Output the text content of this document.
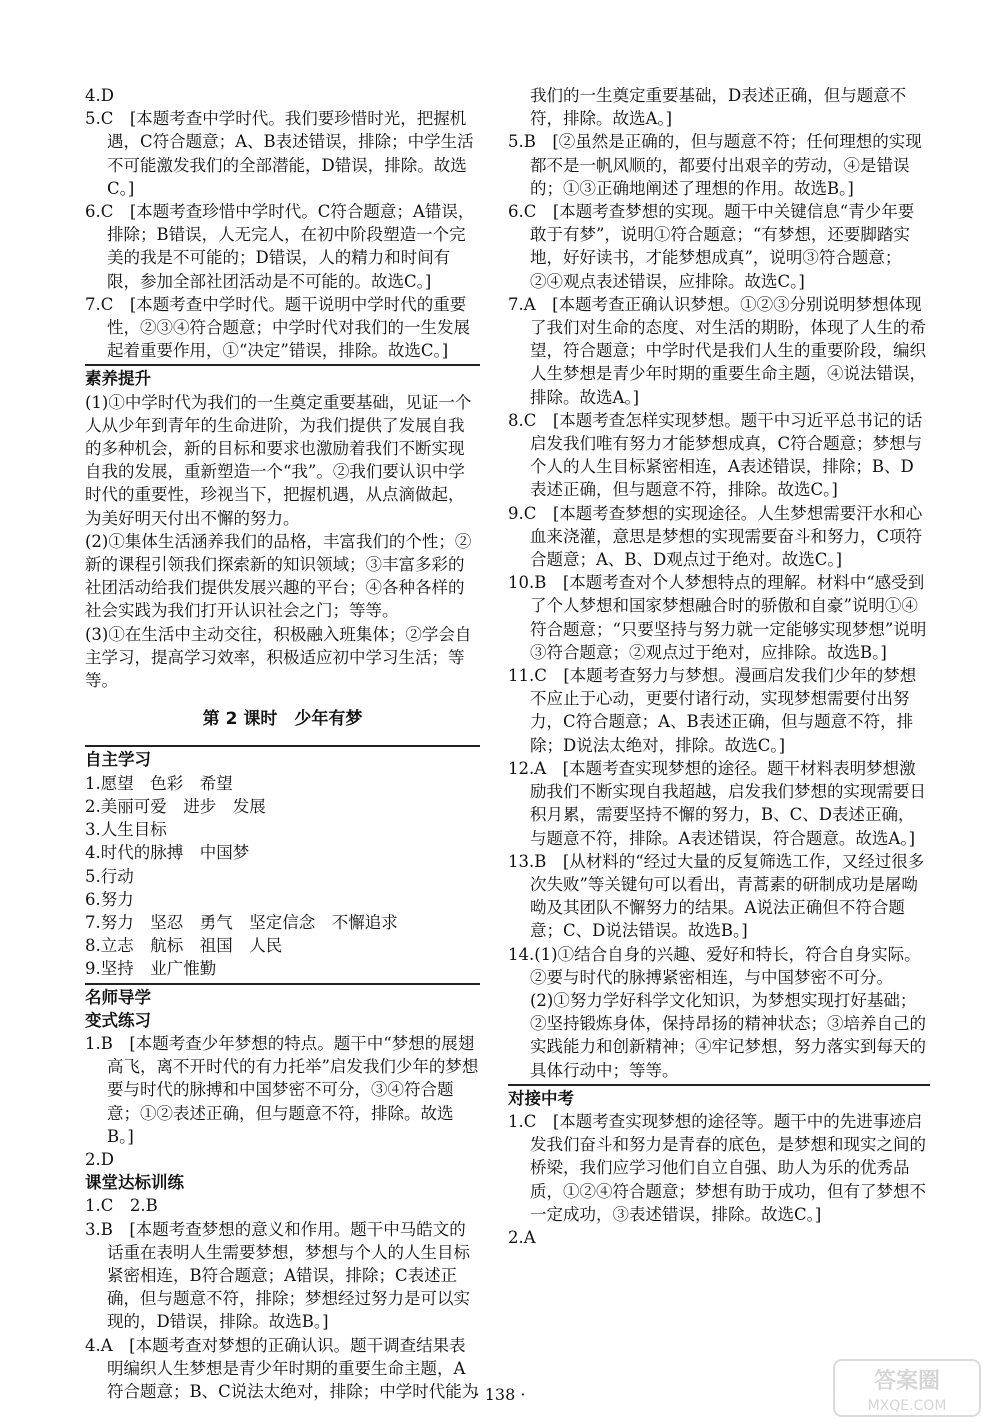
4.D
5.C　[本题考查中学时代。我们要珍惜时光，把握机遇，C符合题意；A、B表述错误，排除；中学生活不可能激发我们的全部潜能，D错误，排除。故选C。]
6.C　[本题考查珍惜中学时代。C符合题意；A错误，排除；B错误，人无完人，在初中阶段塑造一个完美的我是不可能的；D错误，人的精力和时间有限，参加全部社团活动是不可能的。故选C。]
7.C　[本题考查中学时代。题干说明中学时代的重要性，②③④符合题意；中学时代对我们的一生发展起着重要作用，①“决定”错误，排除。故选C。]
素养提升
(1)①中学时代为我们的一生奠定重要基础，见证一个人从少年到青年的生命进阶，为我们提供了发展自我的多种机会，新的目标和要求也激励着我们不断实现自我的发展，重新塑造一个“我”。②我们要认识中学时代的重要性，珍视当下，把握机遇，从点滴做起，为美好明天付出不懈的努力。
(2)①集体生活涵养我们的品格，丰富我们的个性；②新的课程引领我们探索新的知识领域；③丰富多彩的社团活动给我们提供发展兴趣的平台；④各种各样的社会实践为我们打开认识社会之门；等等。
(3)①在生活中主动交往，积极融入班集体；②学会自主学习，提高学习效率，积极适应初中学习生活；等等。
第 2 课时　少年有梦
自主学习
1.愿望　色彩　希望
2.美丽可爱　进步　发展
3.人生目标
4.时代的脉搏　中国梦
5.行动
6.努力
7.努力　坚忍　勇气　坚定信念　不懈追求
8.立志　航标　祖国　人民
9.坚持　业广惟勤
名师导学
变式练习
1.B　[本题考查少年梦想的特点。题干中“梦想的展翅高飞，离不开时代的有力托举”启发我们少年的梦想要与时代的脉搏和中国梦密不可分，③④符合题意；①②表述正确，但与题意不符，排除。故选B。]
2.D
课堂达标训练
1.C　2.B
3.B　[本题考查梦想的意义和作用。题干中马皓文的话重在表明人生需要梦想，梦想与个人的人生目标紧密相连，B符合题意；A错误，排除；C表述正确，但与题意不符，排除；梦想经过努力是可以实现的，D错误，排除。故选B。]
4.A　[本题考查对梦想的正确认识。题干调查结果表明编织人生梦想是青少年时期的重要生命主题，A符合题意；B、C说法太绝对，排除；中学时代能为
我们的一生奠定重要基础，D表述正确，但与题意不符，排除。故选A。]
5.B　[②虽然是正确的，但与题意不符；任何理想的实现都不是一帆风顺的，都要付出艰辛的劳动，④是错误的；①③正确地阐述了理想的作用。故选B。]
6.C　[本题考查梦想的实现。题干中关键信息“青少年要敢于有梦”，说明①符合题意；“有梦想，还要脚踏实地，好好读书，才能梦想成真”，说明③符合题意；②④观点表述错误，应排除。故选C。]
7.A　[本题考查正确认识梦想。①②③分别说明梦想体现了我们对生命的态度、对生活的期盼，体现了人生的希望，符合题意；中学时代是我们人生的重要阶段，编织人生梦想是青少年时期的重要生命主题，④说法错误，排除。故选A。]
8.C　[本题考查怎样实现梦想。题干中习近平总书记的话启发我们唯有努力才能梦想成真，C符合题意；梦想与个人的人生目标紧密相连，A表述错误，排除；B、D表述正确，但与题意不符，排除。故选C。]
9.C　[本题考查梦想的实现途径。人生梦想需要汗水和心血来浇灌，意思是梦想的实现需要奋斗和努力，C项符合题意；A、B、D观点过于绝对。故选C。]
10.B　[本题考查对个人梦想特点的理解。材料中“感受到了个人梦想和国家梦想融合时的骄傲和自豪”说明①④符合题意；“只要坚持与努力就一定能够实现梦想”说明③符合题意；②观点过于绝对，应排除。故选B。]
11.C　[本题考查努力与梦想。漫画启发我们少年的梦想不应止于心动，更要付诸行动，实现梦想需要付出努力，C符合题意；A、B表述正确，但与题意不符，排除；D说法太绝对，排除。故选C。]
12.A　[本题考查实现梦想的途径。题干材料表明梦想激励我们不断实现自我超越，启发我们梦想的实现需要日积月累，需要坚持不懈的努力，B、C、D表述正确，与题意不符，排除。A表述错误，符合题意。故选A。]
13.B　[从材料的“经过大量的反复筛选工作，又经过很多次失败”等关键句可以看出，青蒿素的研制成功是屠呦呦及其团队不懈努力的结果。A说法正确但不符合题意；C、D说法错误。故选B。]
14.(1)①结合自身的兴趣、爱好和特长，符合自身实际。②要与时代的脉搏紧密相连，与中国梦密不可分。
(2)①努力学好科学文化知识，为梦想实现打好基础；②坚持锻炼身体，保持昂扬的精神状态；③培养自己的实践能力和创新精神；④牢记梦想，努力落实到每天的具体行动中；等等。
对接中考
1.C　[本题考查实现梦想的途径等。题干中的先进事迹启发我们奋斗和努力是青春的底色，是梦想和现实之间的桥梁，我们应学习他们自立自强、助人为乐的优秀品质，①②④符合题意；梦想有助于成功，但有了梦想不一定成功，③表述错误，排除。故选C。]
2.A
· 138 ·
答案圈
MXQE.COM
